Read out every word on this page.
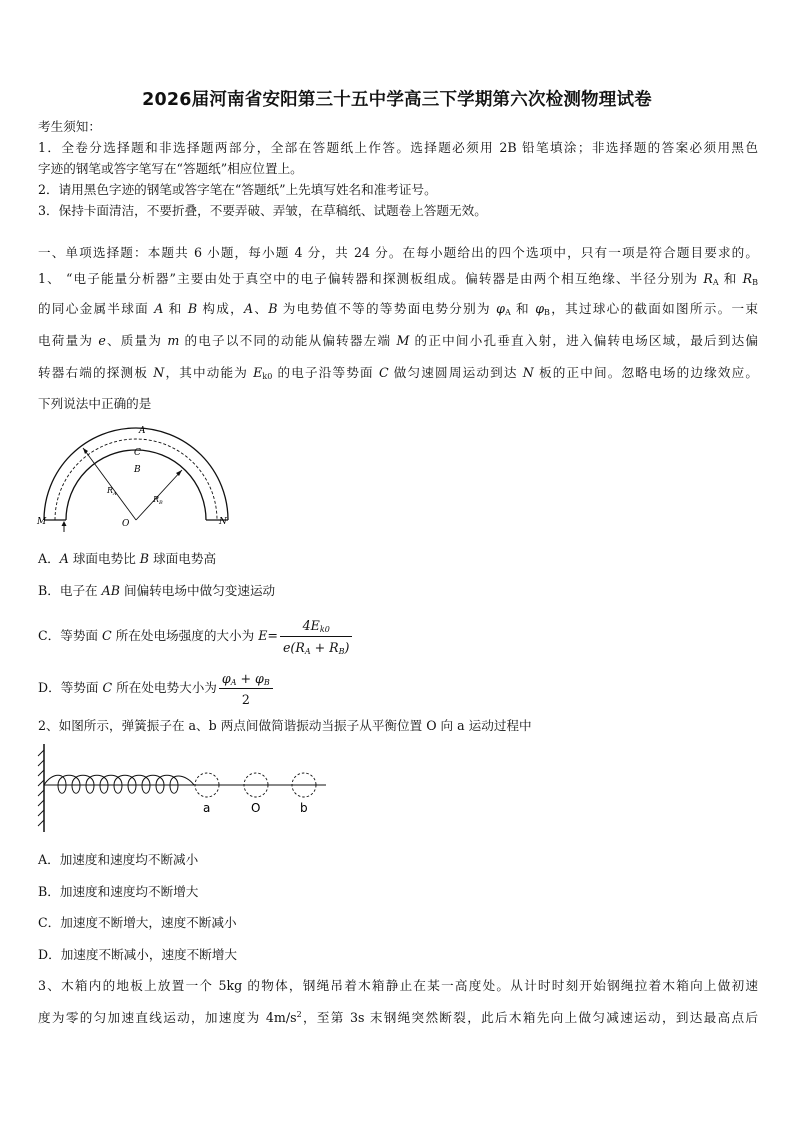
2026届河南省安阳第三十五中学高三下学期第六次检测物理试卷
考生须知：
1．全卷分选择题和非选择题两部分，全部在答题纸上作答。选择题必须用 2B 铅笔填涂；非选择题的答案必须用黑色
字迹的钢笔或答字笔写在“答题纸”相应位置上。
2．请用黑色字迹的钢笔或答字笔在“答题纸”上先填写姓名和准考证号。
3．保持卡面清洁，不要折叠，不要弄破、弄皱，在草稿纸、试题卷上答题无效。
一、单项选择题：本题共 6 小题，每小题 4 分，共 24 分。在每小题给出的四个选项中，只有一项是符合题目要求的。
1、 “电子能量分析器”主要由处于真空中的电子偏转器和探测板组成。偏转器是由两个相互绝缘、半径分别为 $R_A$ 和 $R_B$
的同心金属半球面 A 和 B 构成，A、B 为电势值不等的等势面电势分别为 $\varphi_A$ 和 $\varphi_B$，其过球心的截面如图所示。一束
电荷量为 e、质量为 m 的电子以不同的动能从偏转器左端 M 的正中间小孔垂直入射，进入偏转电场区域，最后到达偏
转器右端的探测板 N，其中动能为 $E_{k0}$ 的电子沿等势面 C 做匀速圆周运动到达 N 板的正中间。忽略电场的边缘效应。
下列说法中正确的是
A
C
B
$R_A$
$R_B$
O
M	N
A．A 球面电势比 B 球面电势高
B．电子在 AB 间偏转电场中做匀变速运动
C．等势面 C 所在处电场强度的大小为 $E= \frac{4E_{k0}}{e(R_A + R_B)}$
D．等势面 C 所在处电势大小为 $\frac{\varphi_A + \varphi_B}{2}$
2、如图所示，弹簧振子在 a、b 两点间做简谐振动当振子从平衡位置 O 向 a 运动过程中
a	O	b
A．加速度和速度均不断减小
B．加速度和速度均不断增大
C．加速度不断增大，速度不断减小
D．加速度不断减小，速度不断增大
3、木箱内的地板上放置一个 5kg 的物体，钢绳吊着木箱静止在某一高度处。从计时时刻开始钢绳拉着木箱向上做初速
度为零的匀加速直线运动，加速度为 $4m/s^2$，至第 3s 末钢绳突然断裂，此后木箱先向上做匀减速运动，到达最高点后
